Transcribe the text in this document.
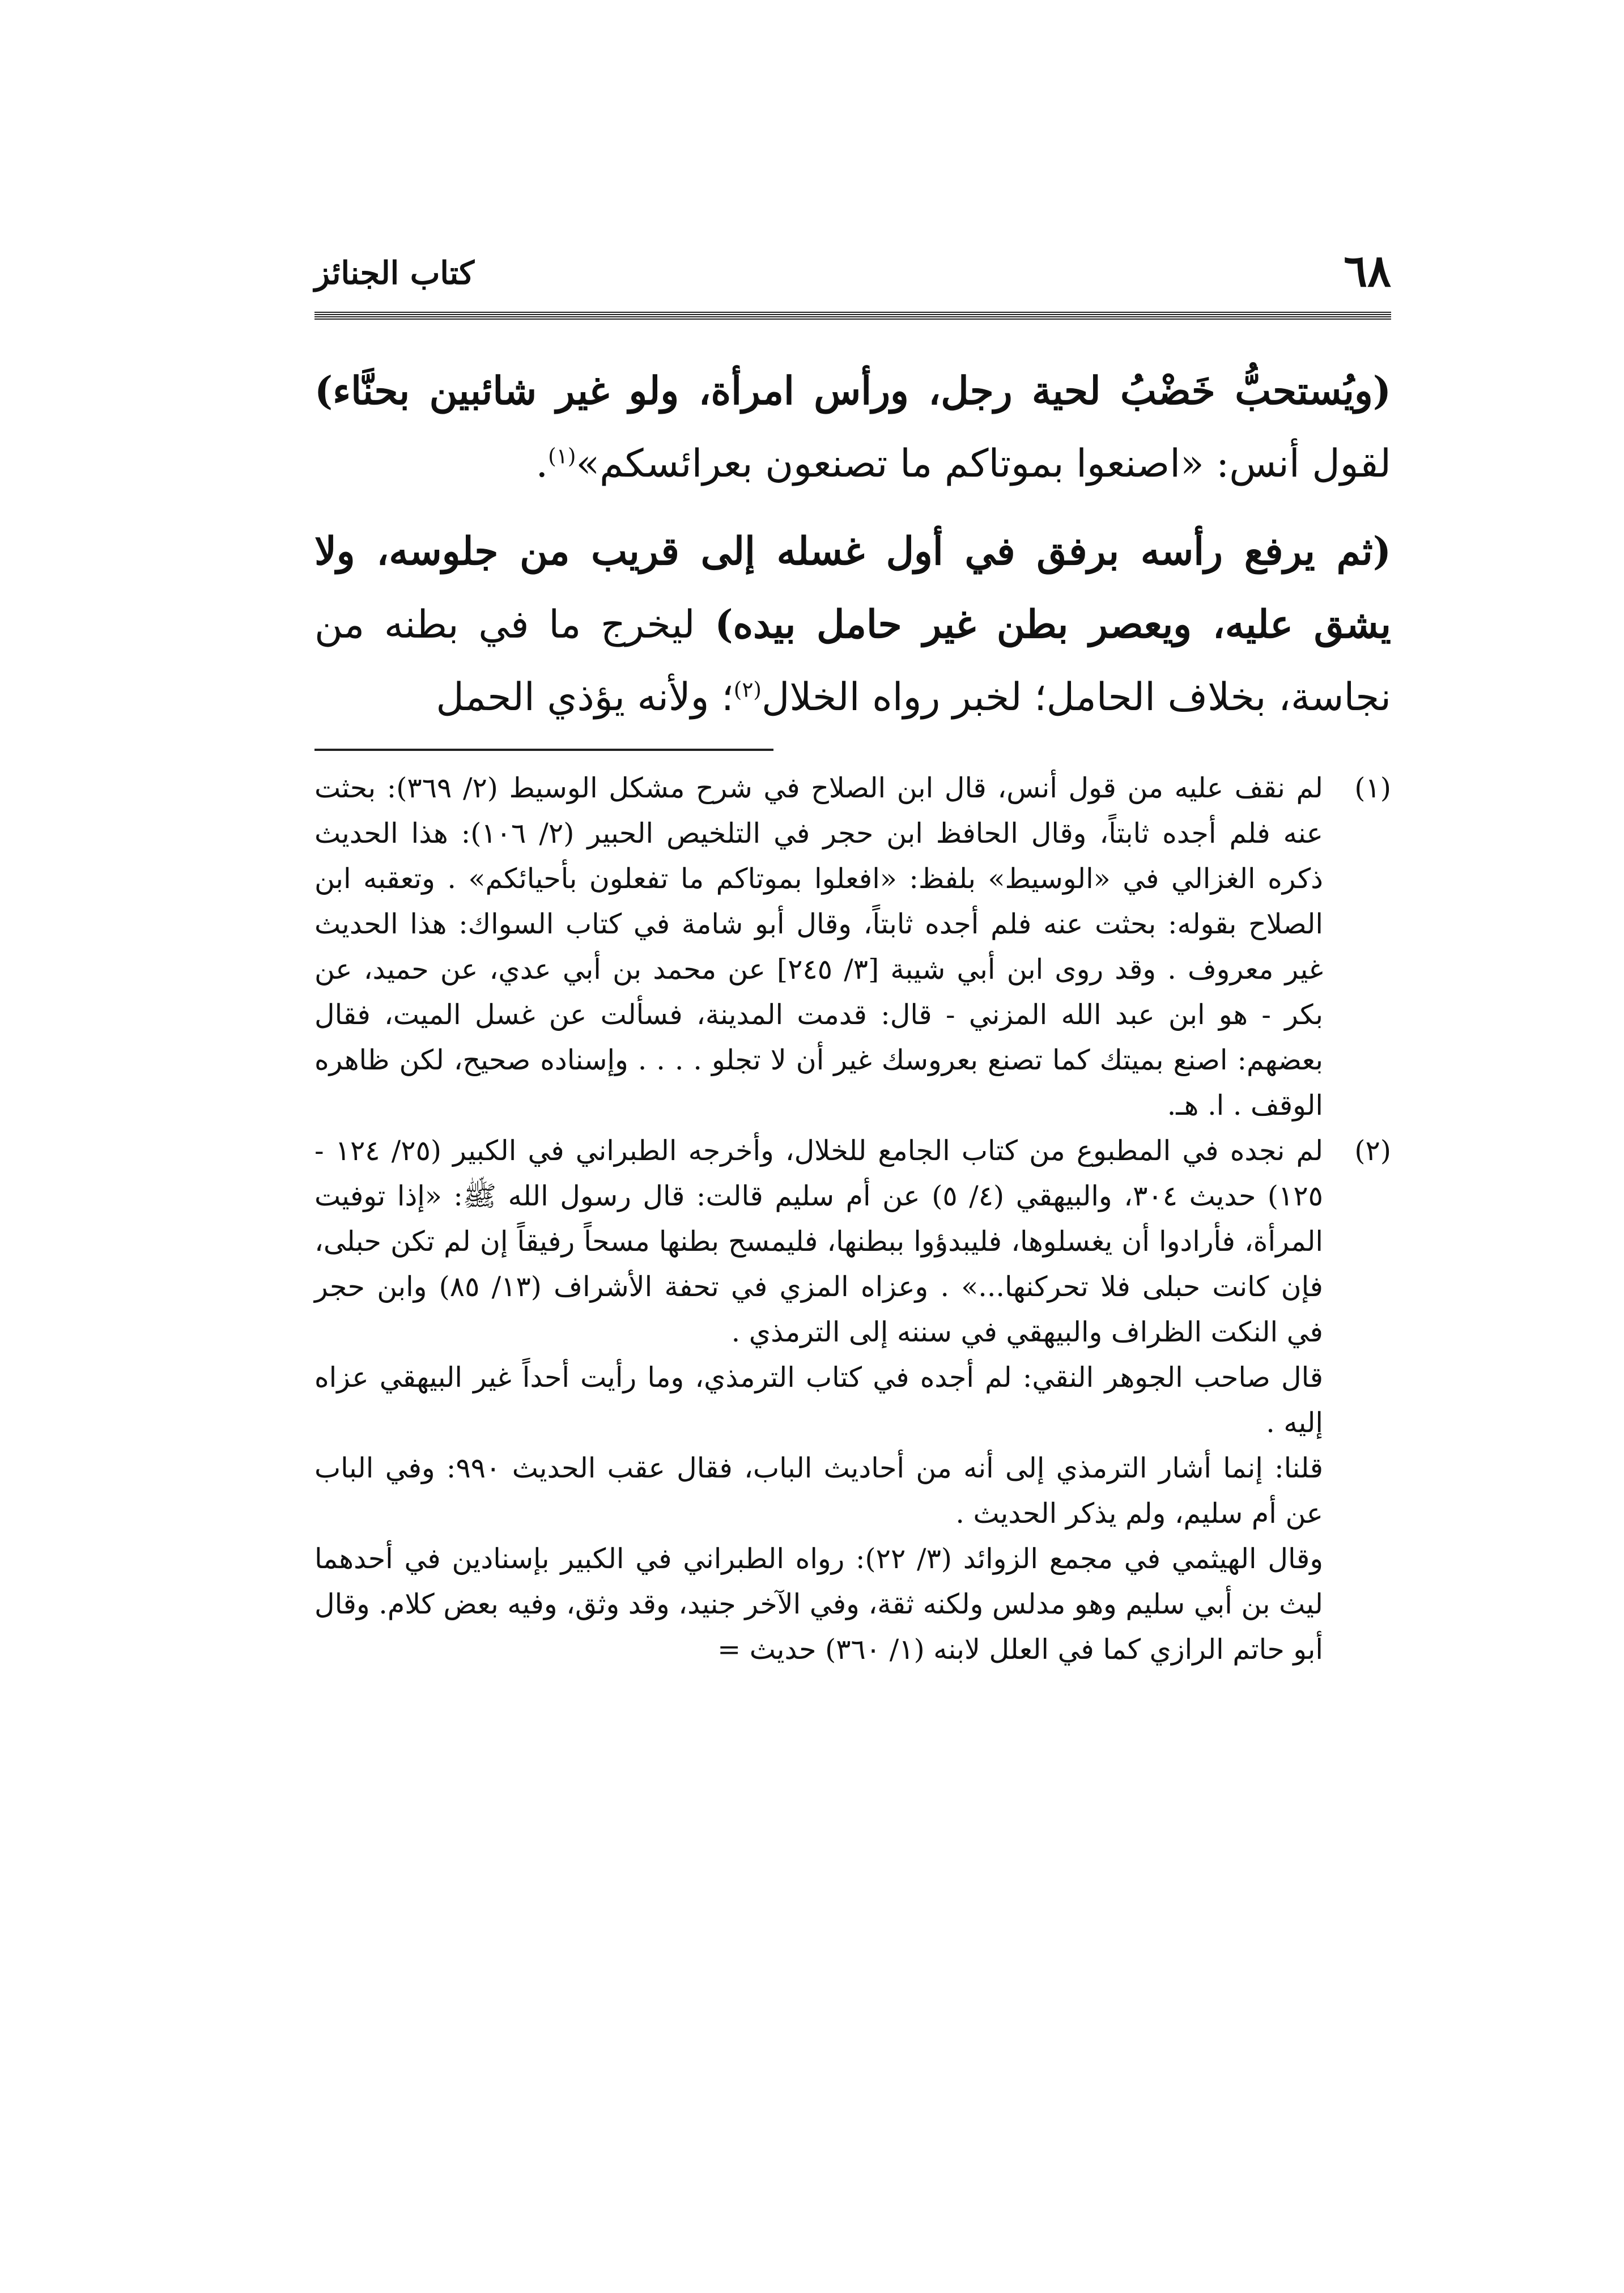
٦٨
كتاب الجنائز

(ويُستحبُّ خَضْبُ لحية رجل، ورأس امرأة، ولو غير شائبين بحنَّاء) لقول أنس: «اصنعوا بموتاكم ما تصنعون بعرائسكم»$^{(١)}$.

(ثم يرفع رأسه برفق في أول غسله إلى قريب من جلوسه، ولا يشق عليه، ويعصر بطن غير حامل بيده) ليخرج ما في بطنه من نجاسة، بخلاف الحامل؛ لخبر رواه الخلال$^{(٢)}$؛ ولأنه يؤذي الحمل

(١)

لم نقف عليه من قول أنس، قال ابن الصلاح في شرح مشكل الوسيط (٢/ ٣٦٩): بحثت عنه فلم أجده ثابتاً، وقال الحافظ ابن حجر في التلخيص الحبير (٢/ ١٠٦): هذا الحديث ذكره الغزالي في «الوسيط» بلفظ: «افعلوا بموتاكم ما تفعلون بأحيائكم» . وتعقبه ابن الصلاح بقوله: بحثت عنه فلم أجده ثابتاً، وقال أبو شامة في كتاب السواك: هذا الحديث غير معروف . وقد روى ابن أبي شيبة [٣/ ٢٤٥] عن محمد بن أبي عدي، عن حميد، عن بكر - هو ابن عبد الله المزني - قال: قدمت المدينة، فسألت عن غسل الميت، فقال بعضهم: اصنع بميتك كما تصنع بعروسك غير أن لا تجلو . . . . وإسناده صحيح، لكن ظاهره الوقف . ا. هـ.

(٢)

لم نجده في المطبوع من كتاب الجامع للخلال، وأخرجه الطبراني في الكبير (٢٥/ ١٢٤ - ١٢٥) حديث ٣٠٤، والبيهقي (٤/ ٥) عن أم سليم قالت: قال رسول الله ﷺ: «إذا توفيت المرأة، فأرادوا أن يغسلوها، فليبدؤوا ببطنها، فليمسح بطنها مسحاً رفيقاً إن لم تكن حبلى، فإن كانت حبلى فلا تحركنها...» . وعزاه المزي في تحفة الأشراف (١٣/ ٨٥) وابن حجر في النكت الظراف والبيهقي في سننه إلى الترمذي .

قال صاحب الجوهر النقي: لم أجده في كتاب الترمذي، وما رأيت أحداً غير البيهقي عزاه إليه .

قلنا: إنما أشار الترمذي إلى أنه من أحاديث الباب، فقال عقب الحديث ٩٩٠: وفي الباب عن أم سليم، ولم يذكر الحديث .

وقال الهيثمي في مجمع الزوائد (٣/ ٢٢): رواه الطبراني في الكبير بإسنادين في أحدهما ليث بن أبي سليم وهو مدلس ولكنه ثقة، وفي الآخر جنيد، وقد وثق، وفيه بعض كلام. وقال أبو حاتم الرازي كما في العلل لابنه (١/ ٣٦٠) حديث =
